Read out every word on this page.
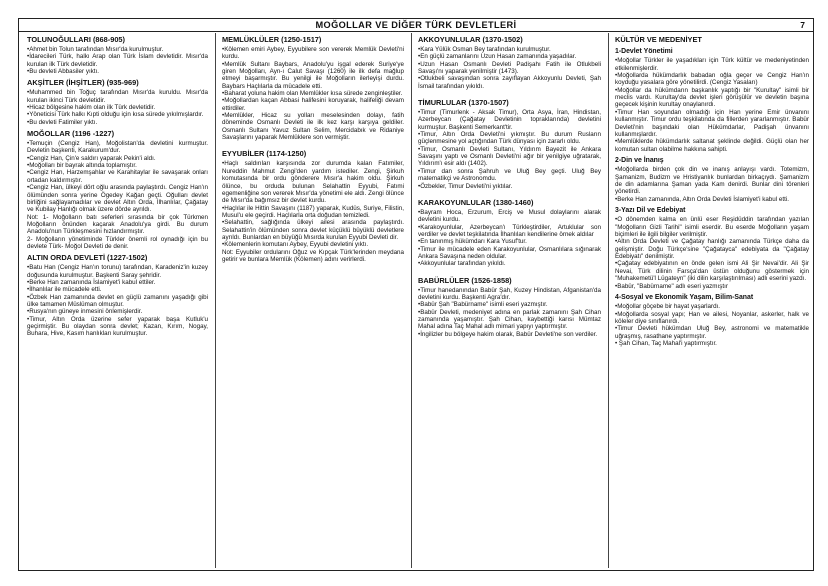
MOĞOLLAR VE DİĞER TÜRK DEVLETLERİ	7
TOLUNOĞULLARI (868-905)

•Ahmet bin Tolun tarafından Mısır'da kurulmuştur.

•İdarecileri Türk, halkı Arap olan Türk İslam devletidir. Mısır'da kurulan ilk Türk devletidir.

•Bu devleti Abbasiler yıktı.

AKŞİTLER (İHŞİTLER) (935-969)

•Muhammed bin Toğuç tarafından Mısır'da kuruldu. Mısır'da kurulan ikinci Türk devletidir.

•Hicaz bölgesine hakim olan ilk Türk devletidir.

•Yöneticisi Türk halkı Kıpti olduğu için kısa sürede yıkılmışlardır.

•Bu devleti Fatimiler yıktı.

MOĞOLLAR (1196 -1227)

•Temuçin (Cengiz Han), Moğolistan'da devletini kurmuştur. Devletin başkenti, Karakurum'dur.

•Cengiz Han, Çin'e saldırı yaparak Pekin'i aldı.

•Moğolları bir bayrak altında toplamıştır.

•Cengiz Han, Harzemşahlar ve Karahitaylar ile savaşarak onları ortadan kaldırmıştır.

•Cengiz Han, ülkeyi dört oğlu arasında paylaştırdı. Cengiz Han'ın ölümünden sonra yerine Ögedey Kağan geçti. Oğulları devlet birliğini sağlayamadılar ve devlet Altın Orda, İlhanlılar, Çağatay ve Kubilay Hanlığı olmak üzere dörde ayrıldı.

Not: 1- Moğolların batı seferleri sırasında bir çok Türkmen Moğolların önünden kaçarak Anadolu'ya girdi. Bu durum Anadolu'nun Türkleşmesini hızlandırmıştır.

2- Moğolların yönetiminde Türkler önemli rol oynadığı için bu devlete Türk- Moğol Devleti de denir.

ALTIN ORDA DEVLETİ (1227-1502)

•Batu Han (Cengiz Han'ın torunu) tarafından, Karadeniz'in kuzey doğusunda kurulmuştur. Başkenti Saray şehridir.

•Berke Han zamanında İslamiyet'i kabul ettiler.

•İlhanlılar ile mücadele etti.

•Özbek Han zamanında devlet en güçlü zamanını yaşadığı gibi ülke tamamen Müslüman olmuştur.

•Rusya'nın güneye inmesini önlemişlerdir.

•Timur, Altın Orda üzerine sefer yaparak başa Kutluk'u geçirmiştir. Bu olaydan sonra devlet; Kazan, Kırım, Nogay, Buhara, Hive, Kasım hanlıkları kurulmuştur.

MEMLÜKLÜLER (1250-1517)

•Kölemen emiri Aybey, Eyyubilere son vererek Memlük Devleti'ni kurdu.

•Memlük Sultanı Baybars, Anadolu'yu işgal ederek Suriye'ye giren Moğolları, Ayn-ı Calut Savaşı (1260) ile ilk defa mağlup etmeyi başarmıştır. Bu yenilgi ile Moğolların ilerleyişi durdu. Baybars Haçlılarla da mücadele etti.

•Baharat yoluna hakim olan Memlükler kısa sürede zenginleştiler.

•Moğollardan kaçan Abbasi halifesini koruyarak, halifeliği devam ettirdiler.

•Memlükler, Hicaz su yolları meselesinden dolayı, fatih döneminde Osmanlı Devleti ile ilk kez karşı karşıya geldiler. Osmanlı Sultanı Yavuz Sultan Selim, Mercidabık ve Ridaniye Savaşlarını yaparak Memlüklere son vermiştir.

EYYUBİLER (1174-1250)

•Haçlı saldırıları karşısında zor durumda kalan Fatımiler, Nureddin Mahmut Zengi'den yardım istediler. Zengi, Şirkuh komutasında bir ordu gönderere Mısır'a hakim oldu. Şirkuh ölünce, bu orduda bulunan Selahattin Eyyubi, Fatımi egemenliğine son vererek Mısır'da yönetimi ele aldı. Zengi ölünce de Mısır'da bağımsız bir devlet kurdu.

•Haçlılar ile Hittin Savaşını (1187) yaparak, Kudüs, Suriye, Filistin, Musul'u ele geçirdi. Haçlılarla orta doğudan temizledi.

•Selahattin, sağlığında ülkeyi ailesi arasında paylaştırdı. Selahattin'in ölümünden sonra devlet küçüklü büyüklü devletlere ayrıldı. Bunlardan en büyüğü Mısırda kurulan Eyyubi Devleti dir.

•Kölemenlerin komutanı Aybey, Eyyubi devletini yıktı.

Not: Eyyubiler ordularını Oğuz ve Kıpçak Türk'lerinden meydana getirir ve bunlara Memlük (Kölemen) adını verirlerdi.

AKKOYUNLULAR (1370-1502)

•Kara Yülük Osman Bey tarafından kurulmuştur.

•En güçlü zamanlarını Uzun Hasan zamanında yaşadılar.

•Uzun Hasan Osmanlı Devleti Padişahı Fatih ile Otlukbeli Savaşı'nı yaparak yenilmiştir (1473).

•Otlukbeli savaşından sonra zayıflayan Akkoyunlu Devleti, Şah İsmail tarafından yıkıldı.

TİMURLULAR (1370-1507)

•Timur (Timurlenk - Aksak Timur), Orta Asya, İran, Hindistan, Azerbeycan (Çağatay Devletinin topraklarında) devletini kurmuştur. Başkenti Semerkant'tir.

•Timur, Altın Orda Devleti'ni yıkmıştır. Bu durum Rusların güçlenmesine yol açtığından Türk dünyası için zararlı oldu.

•Timur, Osmanlı Devleti Sultanı, Yıldırım Bayezit ile Ankara Savaşını yaptı ve Osmanlı Devleti'ni ağır bir yenilgiye uğratarak, Yıldırım'ı esir aldı (1402).

•Timur dan sonra Şahruh ve Uluğ Bey geçti. Uluğ Bey matematikçi ve Astronomdu.

•Özbekler, Timur Devleti'ni yıktılar.

KARAKOYUNLULAR (1380-1460)

•Bayram Hoca, Erzurum, Erciş ve Musul dolaylarını alarak devletini kurdu.

•Karakoyunlular, Azerbeycan'ı Türkleştirdiler, Artuklular son verdiler ve devlet teşkilatında İlhanlıları kendilerine örnek aldılar

•En tanınmış hükümdarı Kara Yusuf'tur.

•Timur ile mücadele eden Karakoyunlular, Osmanlılara sığınarak Ankara Savaşına neden oldular.

•Akkoyunlular tarafından yıkıldı.

BABÜRLÜLER (1526-1858)

•Timur hanedanından Babür Şah, Kuzey Hindistan, Afganistan'da devletini kurdu. Başkenti Agra'dır.

•Babür Şah "Babürname" isimli eseri yazmıştır.

•Babür Devleti, medeniyet adına en parlak zamanını Şah Cihan zamanında yaşamıştır. Şah Cihan, kaybettiği karısı Mümtaz Mahal adına Taç Mahal adlı mimari yapıyı yaptırmıştır.

•İngilizler bu bölgeye hakim olarak, Babür Devleti'ne son verdiler.

KÜLTÜR VE MEDENİYET
1-Devlet Yönetimi

•Moğollar Türkler ile yaşadıkları için Türk kültür ve medeniyetinden etkilenmişlerdir.

•Moğollarda hükümdarlık babadan oğla geçer ve Cengiz Han'ın koyduğu yasalara göre yönetilirdi. (Cengiz Yasaları)

•Moğollar da hükümdarın başkanlık yaptığı bir "Kurultay" isimli bir meclis vardı. Kurultay'da devlet işleri görüşülür ve devletin başına geçecek kişinin kurultay onaylanırdı.

•Timur Han soyundan olmadığı için Han yerine Emir ünvanını kullanmıştır. Timur ordu teşkilatında da fillerden yararlanmıştır. Babür Devleti'nin başındaki olan Hükümdarlar, Padişah ünvanını kullanmışlardır.

•Memlüklerde hükümdarlık saltanat şeklinde değildi. Güçlü olan her komutan sultan olabilme hakkına sahipti.

2-Din ve İnanış

•Moğollarda birden çok din ve inanış anlayışı vardı. Totemizm, Şamanizm, Budizm ve Hristiyanlık bunlardan birkaçıydı. Şamanizm de din adamlarına Şaman yada Kam denirdi. Bunlar dini törenleri yönetirdi.

•Berke Han zamanında, Altın Orda Devleti İslamiyet'i kabul etti.

3-Yazı Dil ve Edebiyat

•O dönemden kalma en ünlü eser Reşidüddin tarafından yazılan "Moğolların Gizli Tarihi" isimli eserdir. Bu eserde Moğolların yaşam biçimleri ile ilgili bilgiler verilmiştir.

•Altın Orda Devleti ve Çağatay hanlığı zamanında Türkçe daha da gelişmiştir. Doğu Türkçe'sine "Çağatayca" edebiyata da "Çağatay Edebiyatı" denilmiştir.

•Çağatay edebiyatının en önde gelen ismi Ali Şir Nevai'dir. Ali Şir Nevai, Türk dilinin Farsça'dan üstün olduğunu göstermek için "Muhakemetü'l Lügateyn" (iki dilin karşılaştırılması) adlı eserini yazdı.

•Babür, "Babürname" adlı eseri yazmıştır

4-Sosyal ve Ekonomik Yaşam, Bilim-Sanat

•Moğollar göçebe bir hayat yaşarlardı.

•Moğollarda sosyal yapı; Han ve ailesi, Noyanlar, askerler, halk ve köleler diye sınıflanırdı.

•Timur Devleti hükümdarı Uluğ Bey, astronomi ve matematikle uğraşmış, rasathane yaptırmıştır.

• Şah Cihan, Taç Mahal'i yaptırmıştır.
